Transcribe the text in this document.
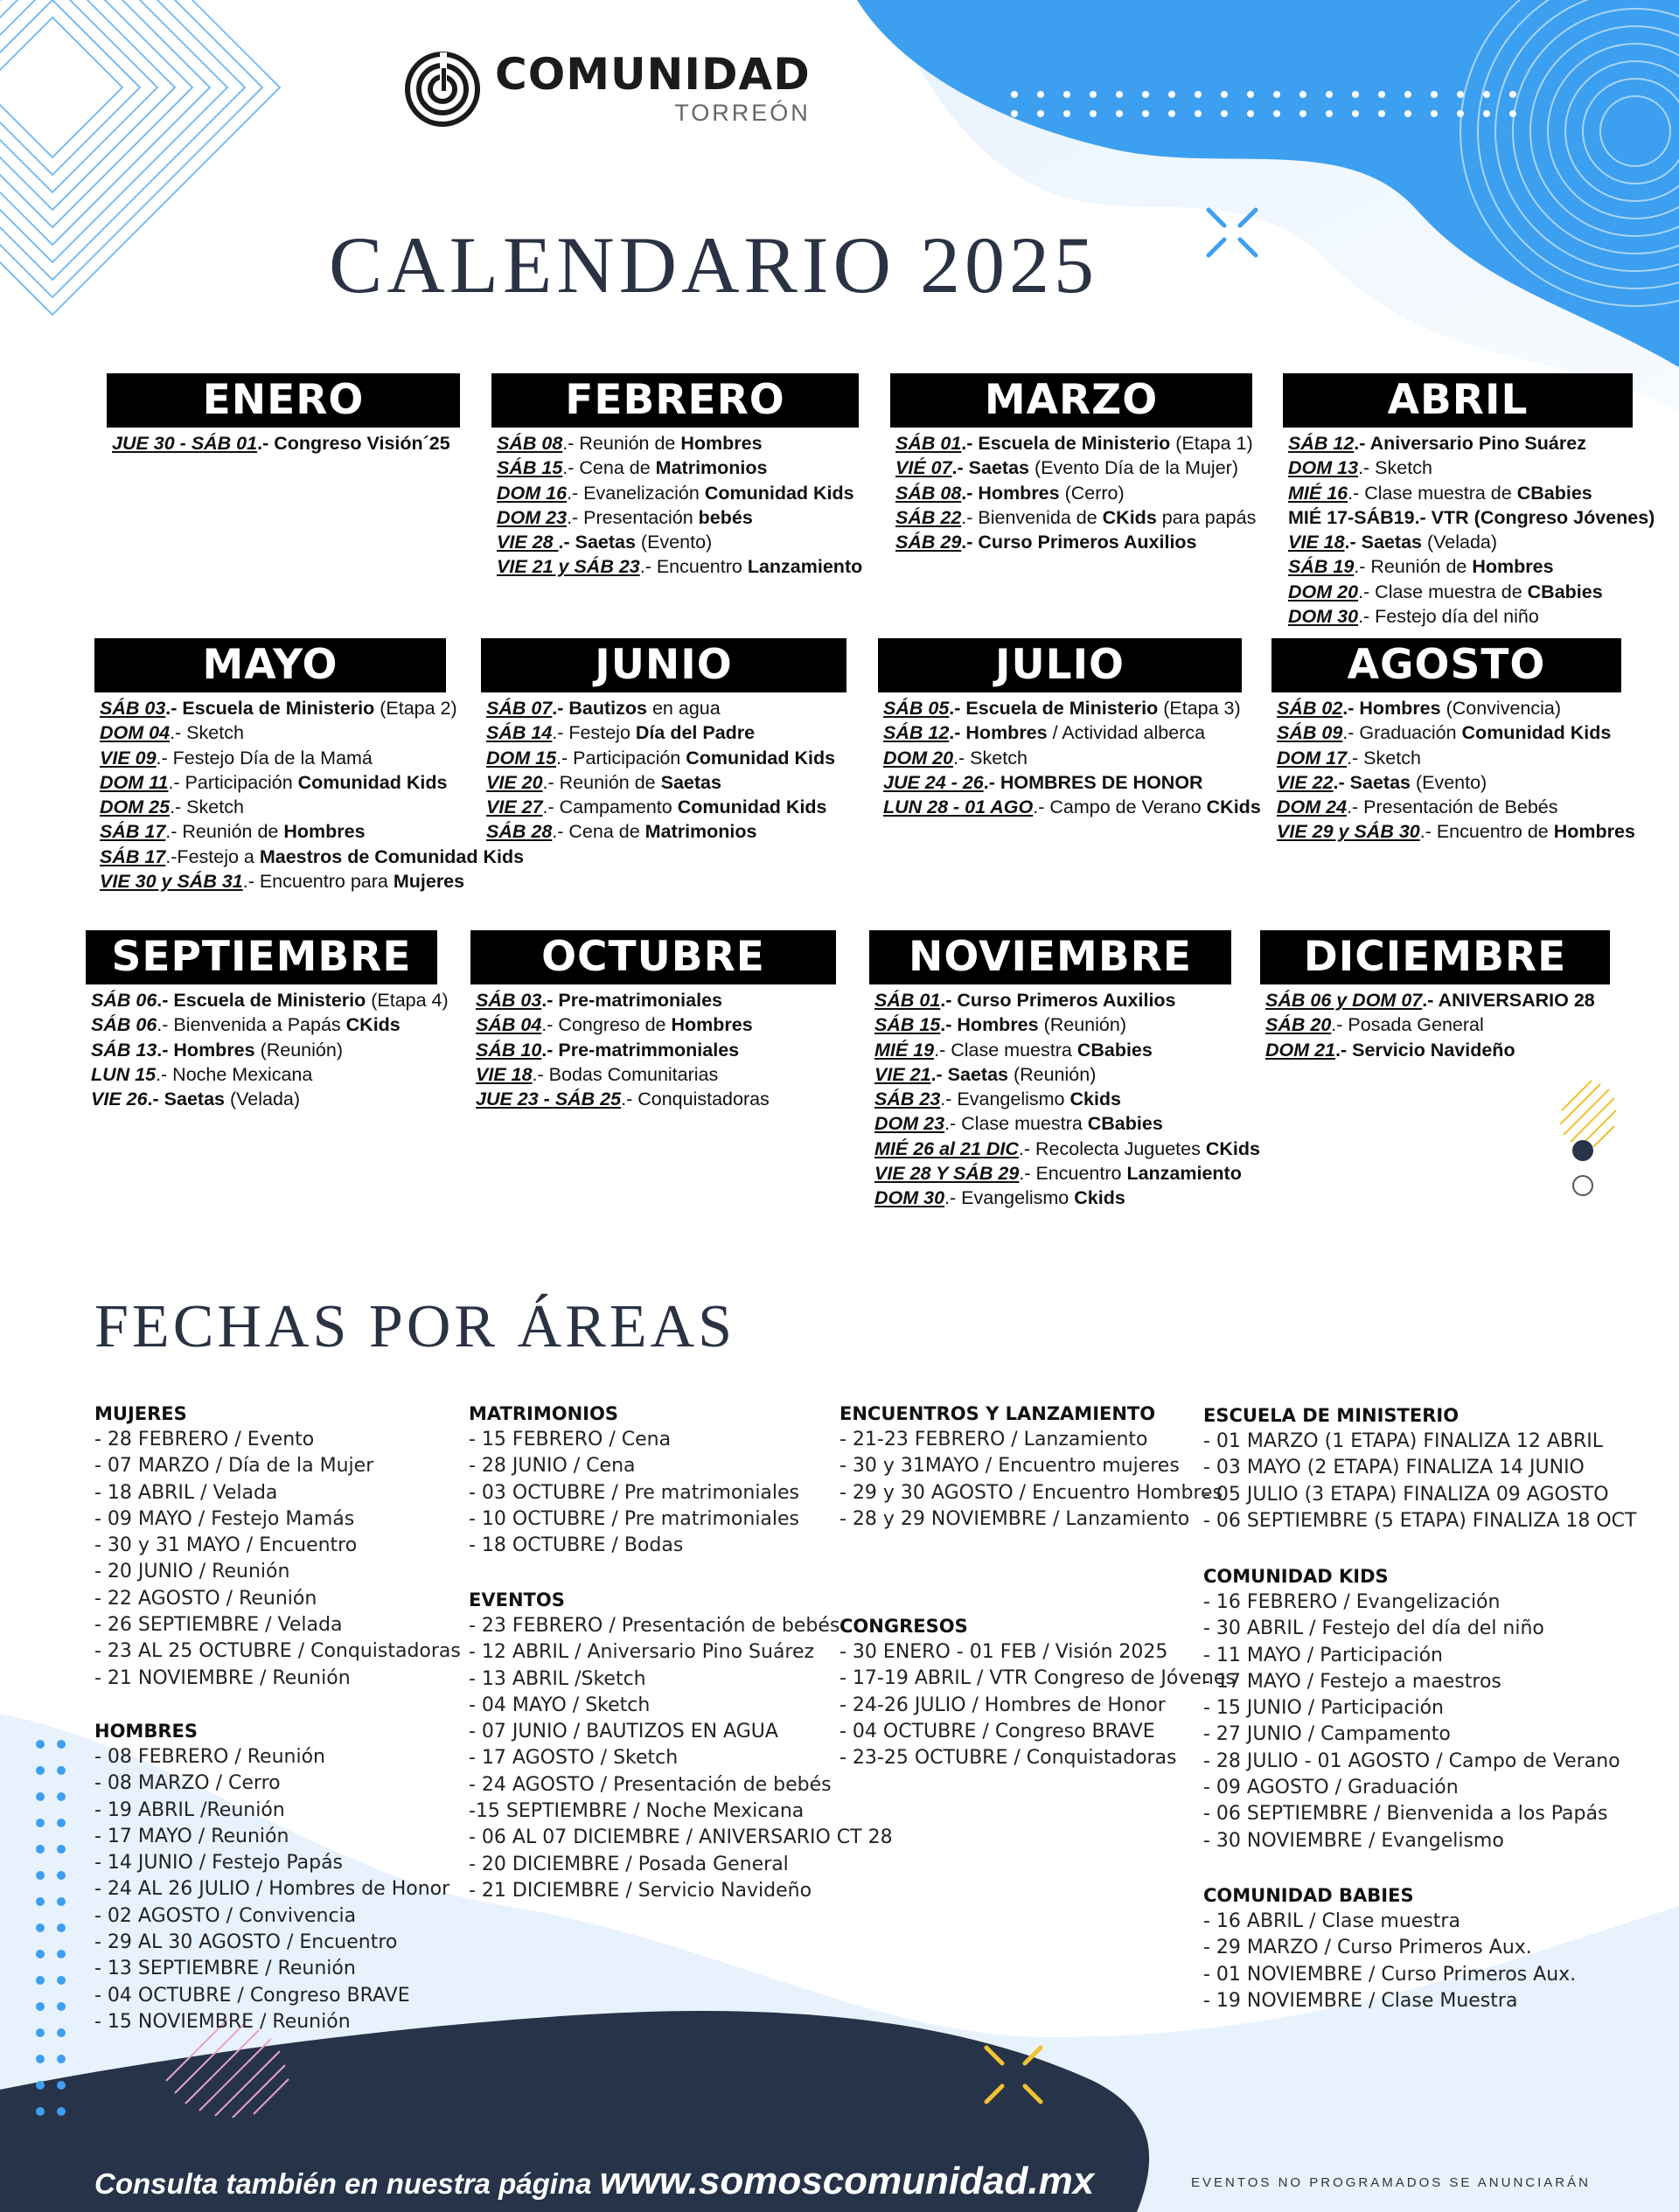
COMUNIDAD
TORREÓN
CALENDARIO 2025
ENERO
JUE 30 - SÁB 01.- Congreso Visión´25
FEBRERO
SÁB 08.- Reunión de Hombres
SÁB 15.- Cena de Matrimonios
DOM 16.- Evanelización Comunidad Kids
DOM 23.- Presentación bebés
VIE 28 .- Saetas (Evento)
VIE 21 y SÁB 23.- Encuentro Lanzamiento
MARZO
SÁB 01.- Escuela de Ministerio (Etapa 1)
VIÉ 07.- Saetas (Evento Día de la Mujer)
SÁB 08.- Hombres (Cerro)
SÁB 22.- Bienvenida de CKids para papás
SÁB 29.- Curso Primeros Auxilios
ABRIL
SÁB 12.- Aniversario Pino Suárez
DOM 13.- Sketch
MIÉ 16.- Clase muestra de CBabies
MIÉ 17-SÁB19.- VTR (Congreso Jóvenes)
VIE 18.- Saetas (Velada)
SÁB 19.- Reunión de Hombres
DOM 20.- Clase muestra de CBabies
DOM 30.- Festejo día del niño
MAYO
SÁB 03.- Escuela de Ministerio (Etapa 2)
DOM 04.- Sketch
VIE 09.- Festejo Día de la Mamá
DOM 11.- Participación Comunidad Kids
DOM 25.- Sketch
SÁB 17.- Reunión de Hombres
SÁB 17.-Festejo a Maestros de Comunidad Kids
VIE 30 y SÁB 31.- Encuentro para Mujeres
JUNIO
SÁB 07.- Bautizos en agua
SÁB 14.- Festejo Día del Padre
DOM 15.- Participación Comunidad Kids
VIE 20.- Reunión de Saetas
VIE 27.- Campamento Comunidad Kids
SÁB 28.- Cena de Matrimonios
JULIO
SÁB 05.- Escuela de Ministerio (Etapa 3)
SÁB 12.- Hombres / Actividad alberca
DOM 20.- Sketch
JUE 24 - 26.- HOMBRES DE HONOR
LUN 28 - 01 AGO.- Campo de Verano CKids
AGOSTO
SÁB 02.- Hombres (Convivencia)
SÁB 09.- Graduación Comunidad Kids
DOM 17.- Sketch
VIE 22.- Saetas (Evento)
DOM 24.- Presentación de Bebés
VIE 29 y SÁB 30.- Encuentro de Hombres
SEPTIEMBRE
SÁB 06.- Escuela de Ministerio (Etapa 4)
SÁB 06.- Bienvenida a Papás CKids
SÁB 13.- Hombres (Reunión)
LUN 15.- Noche Mexicana
VIE 26.- Saetas (Velada)
OCTUBRE
SÁB 03.- Pre-matrimoniales
SÁB 04.- Congreso de Hombres
SÁB 10.- Pre-matrimmoniales
VIE 18.- Bodas Comunitarias
JUE 23 - SÁB 25.- Conquistadoras
NOVIEMBRE
SÁB 01.- Curso Primeros Auxilios
SÁB 15.- Hombres (Reunión)
MIÉ 19.- Clase muestra CBabies
VIE 21.- Saetas (Reunión)
SÁB 23.- Evangelismo Ckids
DOM 23.- Clase muestra CBabies
MIÉ 26 al 21 DIC.- Recolecta Juguetes CKids
VIE 28 Y SÁB 29.- Encuentro Lanzamiento
DOM 30.- Evangelismo Ckids
DICIEMBRE
SÁB 06 y DOM 07.- ANIVERSARIO 28
SÁB 20.- Posada General
DOM 21.- Servicio Navideño
FECHAS POR ÁREAS
MUJERES
- 28 FEBRERO / Evento
- 07 MARZO / Día de la Mujer
- 18 ABRIL / Velada
- 09 MAYO / Festejo Mamás
- 30 y 31 MAYO / Encuentro
- 20 JUNIO / Reunión
- 22 AGOSTO / Reunión
- 26 SEPTIEMBRE / Velada
- 23 AL 25 OCTUBRE / Conquistadoras
- 21 NOVIEMBRE / Reunión
HOMBRES
- 08 FEBRERO / Reunión
- 08 MARZO / Cerro
- 19 ABRIL /Reunión
- 17 MAYO / Reunión
- 14 JUNIO / Festejo Papás
- 24 AL 26 JULIO / Hombres de Honor
- 02 AGOSTO / Convivencia
- 29 AL 30 AGOSTO / Encuentro
- 13 SEPTIEMBRE / Reunión
- 04 OCTUBRE / Congreso BRAVE
- 15 NOVIEMBRE / Reunión
MATRIMONIOS
- 15 FEBRERO / Cena
- 28 JUNIO / Cena
- 03 OCTUBRE / Pre matrimoniales
- 10 OCTUBRE / Pre matrimoniales
- 18 OCTUBRE / Bodas
EVENTOS
- 23 FEBRERO / Presentación de bebés
- 12 ABRIL / Aniversario Pino Suárez
- 13 ABRIL /Sketch
- 04 MAYO / Sketch
- 07 JUNIO / BAUTIZOS EN AGUA
- 17 AGOSTO / Sketch
- 24 AGOSTO / Presentación de bebés
-15 SEPTIEMBRE / Noche Mexicana
- 06 AL 07 DICIEMBRE / ANIVERSARIO CT 28
- 20 DICIEMBRE / Posada General
- 21 DICIEMBRE / Servicio Navideño
ENCUENTROS Y LANZAMIENTO
- 21-23 FEBRERO / Lanzamiento
- 30 y 31MAYO / Encuentro mujeres
- 29 y 30 AGOSTO / Encuentro Hombres
- 28 y 29 NOVIEMBRE / Lanzamiento
CONGRESOS
- 30 ENERO - 01 FEB / Visión 2025
- 17-19 ABRIL / VTR Congreso de Jóvenes
- 24-26 JULIO / Hombres de Honor
- 04 OCTUBRE / Congreso BRAVE
- 23-25 OCTUBRE / Conquistadoras
ESCUELA DE MINISTERIO
- 01 MARZO (1 ETAPA) FINALIZA 12 ABRIL
- 03 MAYO (2 ETAPA) FINALIZA 14 JUNIO
- 05 JULIO (3 ETAPA) FINALIZA 09 AGOSTO
- 06 SEPTIEMBRE (5 ETAPA) FINALIZA 18 OCT
COMUNIDAD KIDS
- 16 FEBRERO / Evangelización
- 30 ABRIL / Festejo del día del niño
- 11 MAYO / Participación
- 17 MAYO / Festejo a maestros
- 15 JUNIO / Participación
- 27 JUNIO / Campamento
- 28 JULIO - 01 AGOSTO / Campo de Verano
- 09 AGOSTO / Graduación
- 06 SEPTIEMBRE / Bienvenida a los Papás
- 30 NOVIEMBRE / Evangelismo
COMUNIDAD BABIES
- 16 ABRIL / Clase muestra
- 29 MARZO / Curso Primeros Aux.
- 01 NOVIEMBRE / Curso Primeros Aux.
- 19 NOVIEMBRE / Clase Muestra
Consulta también en nuestra página www.somoscomunidad.mx	EVENTOS NO PROGRAMADOS SE ANUNCIARÁN
